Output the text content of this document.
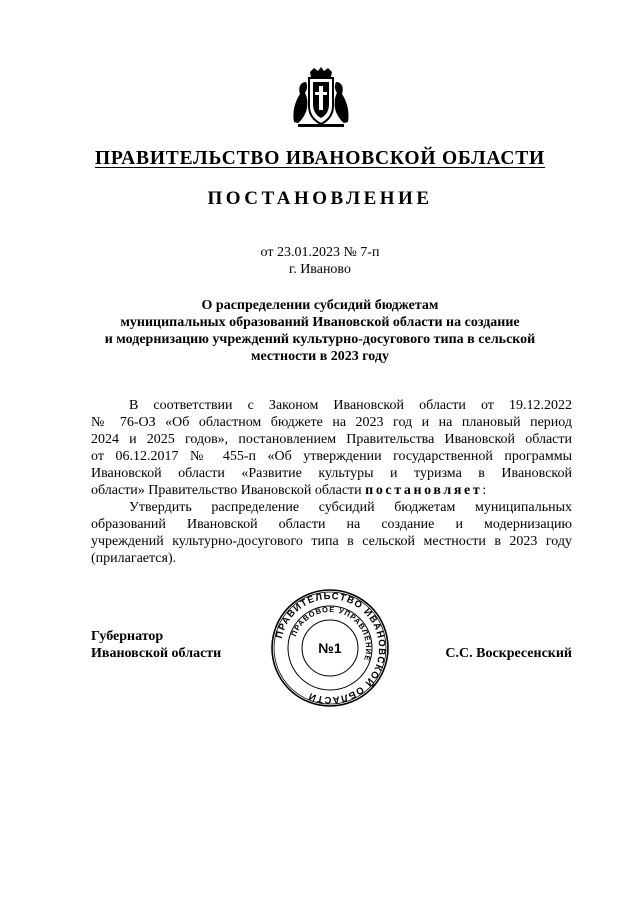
ПРАВИТЕЛЬСТВО ИВАНОВСКОЙ ОБЛАСТИ
ПОСТАНОВЛЕНИЕ
от 23.01.2023 № 7-п
г. Иваново
О распределении субсидий бюджетам
муниципальных образований Ивановской области на создание
и модернизацию учреждений культурно-досугового типа в сельской
местности в 2023 году
В соответствии с Законом Ивановской области от 19.12.2022
№ 76-ОЗ «Об областном бюджете на 2023 год и на плановый период
2024 и 2025 годов», постановлением Правительства Ивановской области
от 06.12.2017 № 455-п «Об утверждении государственной программы
Ивановской области «Развитие культуры и туризма в Ивановской
области» Правительство Ивановской области постановляет:
Утвердить распределение субсидий бюджетам муниципальных
образований Ивановской области на создание и модернизацию
учреждений культурно-досугового типа в сельской местности в 2023 году
(прилагается).
Губернатор
Ивановской области	С.С. Воскресенский
ПРАВИТЕЛЬСТВО ИВАНОВСКОЙ ОБЛАСТИ
ПРАВОВОЕ УПРАВЛЕНИЕ
№1
